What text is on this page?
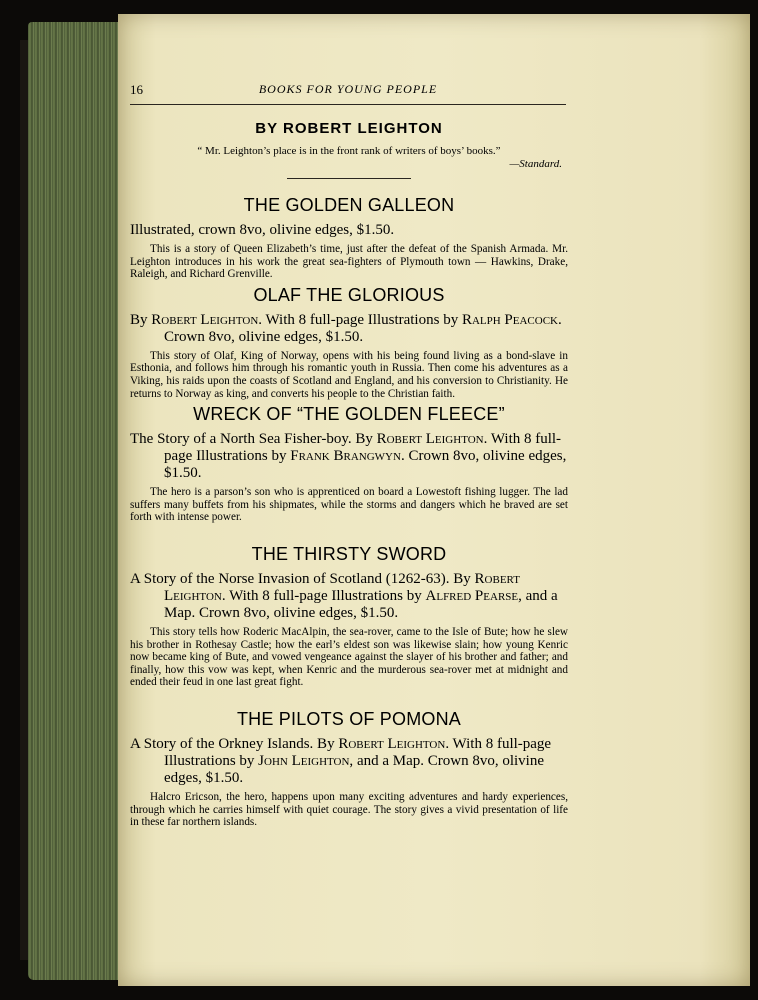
16	BOOKS FOR YOUNG PEOPLE
BY ROBERT LEIGHTON
“ Mr. Leighton’s place is in the front rank of writers of boys’ books.”
—Standard.
THE GOLDEN GALLEON
Illustrated, crown 8vo, olivine edges, $1.50.
This is a story of Queen Elizabeth’s time, just after the defeat of the Spanish Armada. Mr. Leighton introduces in his work the great sea-fighters of Plymouth town — Hawkins, Drake, Raleigh, and Richard Grenville.
OLAF THE GLORIOUS
By Robert Leighton. With 8 full-page Illustrations by Ralph Peacock. Crown 8vo, olivine edges, $1.50.
This story of Olaf, King of Norway, opens with his being found living as a bond-slave in Esthonia, and follows him through his romantic youth in Russia. Then come his adventures as a Viking, his raids upon the coasts of Scotland and England, and his conversion to Christianity. He returns to Norway as king, and converts his people to the Christian faith.
WRECK OF “THE GOLDEN FLEECE”
The Story of a North Sea Fisher-boy. By Robert Leighton. With 8 full-page Illustrations by Frank Brangwyn. Crown 8vo, olivine edges, $1.50.
The hero is a parson’s son who is apprenticed on board a Lowestoft fishing lugger. The lad suffers many buffets from his shipmates, while the storms and dangers which he braved are set forth with intense power.
THE THIRSTY SWORD
A Story of the Norse Invasion of Scotland (1262-63). By Robert Leighton. With 8 full-page Illustrations by Alfred Pearse, and a Map. Crown 8vo, olivine edges, $1.50.
This story tells how Roderic MacAlpin, the sea-rover, came to the Isle of Bute; how he slew his brother in Rothesay Castle; how the earl’s eldest son was likewise slain; how young Kenric now became king of Bute, and vowed vengeance against the slayer of his brother and father; and finally, how this vow was kept, when Kenric and the murderous sea-rover met at midnight and ended their feud in one last great fight.
THE PILOTS OF POMONA
A Story of the Orkney Islands. By Robert Leighton. With 8 full-page Illustrations by John Leighton, and a Map. Crown 8vo, olivine edges, $1.50.
Halcro Ericson, the hero, happens upon many exciting adventures and hardy experiences, through which he carries himself with quiet courage. The story gives a vivid presentation of life in these far northern islands.
